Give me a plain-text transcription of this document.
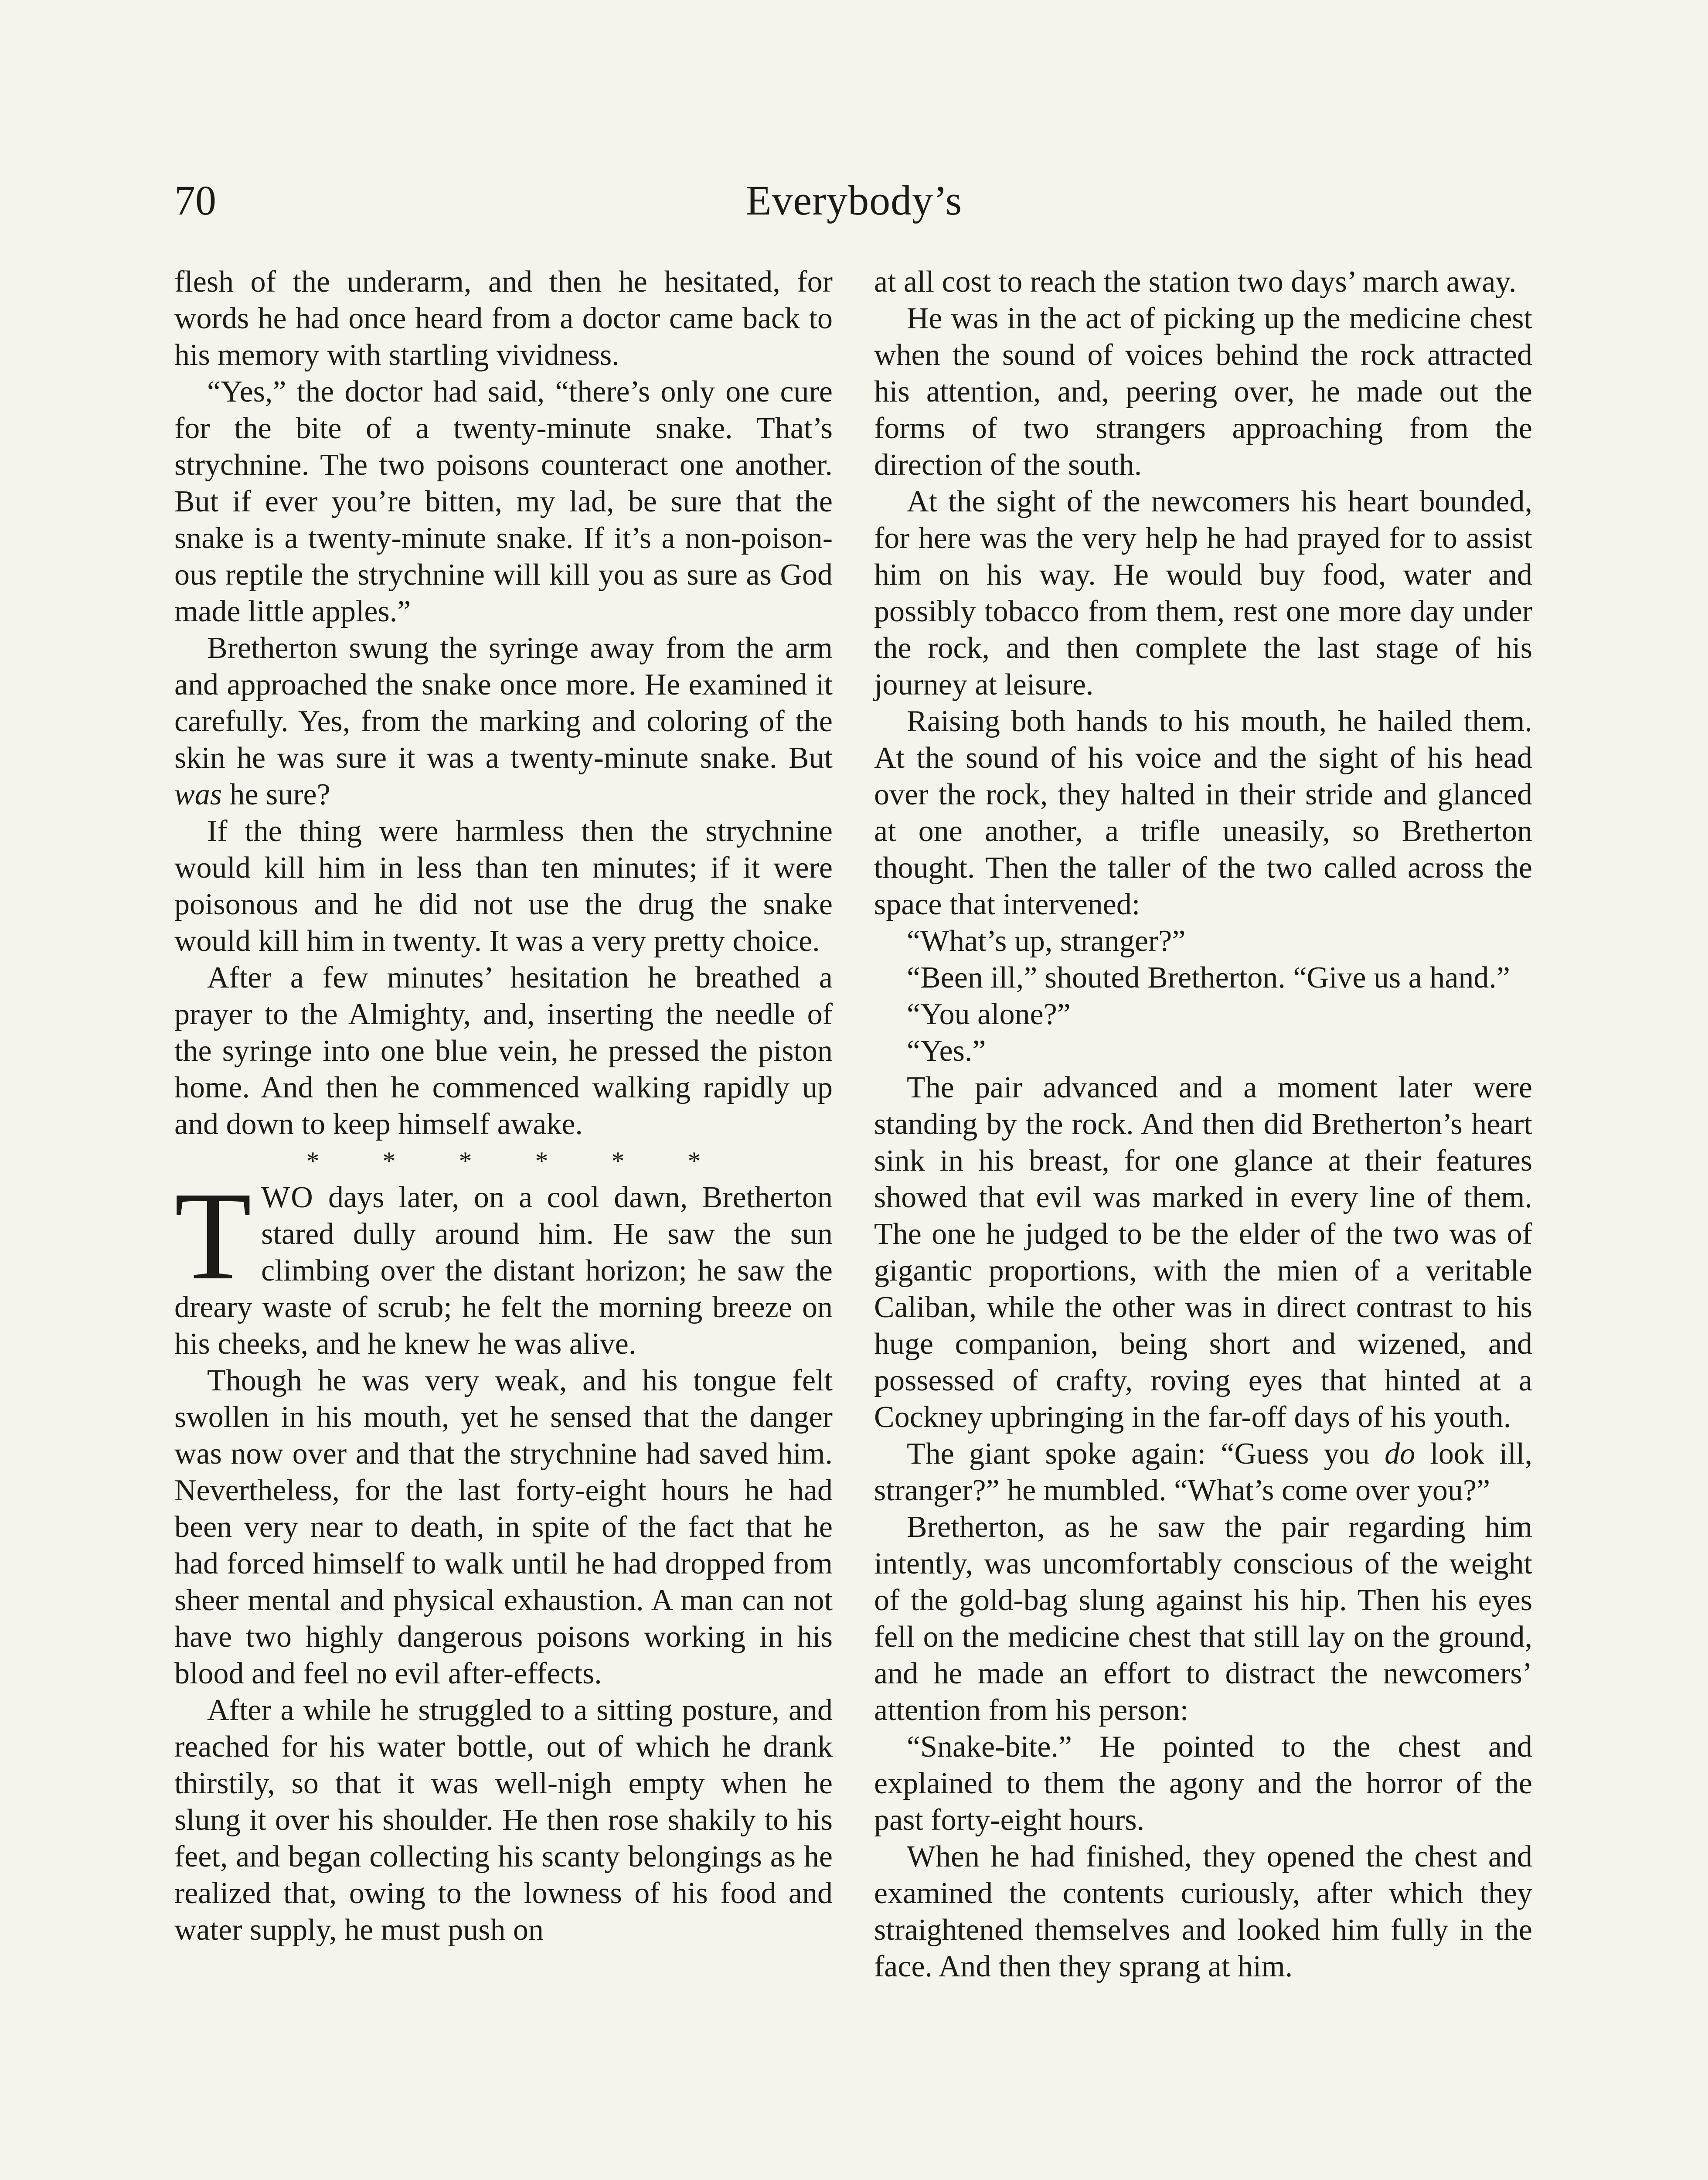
70	Everybody’s

flesh of the underarm, and then he hesitated, for words he had once heard from a doctor came back to his memory with startling vividness.

“Yes,” the doctor had said, “there’s only one cure for the bite of a twenty-minute snake. That’s strychnine. The two poisons counteract one another. But if ever you’re bitten, my lad, be sure that the snake is a twenty-minute snake. If it’s a non-poisonous reptile the strychnine will kill you as sure as God made little apples.”

Bretherton swung the syringe away from the arm and approached the snake once more. He examined it carefully. Yes, from the marking and coloring of the skin he was sure it was a twenty-minute snake. But was he sure?

If the thing were harmless then the strychnine would kill him in less than ten minutes; if it were poisonous and he did not use the drug the snake would kill him in twenty. It was a very pretty choice.

After a few minutes’ hesitation he breathed a prayer to the Almighty, and, inserting the needle of the syringe into one blue vein, he pressed the piston home. And then he commenced walking rapidly up and down to keep himself awake.

* * * * * *

TWO days later, on a cool dawn, Bretherton stared dully around him. He saw the sun climbing over the distant horizon; he saw the dreary waste of scrub; he felt the morning breeze on his cheeks, and he knew he was alive.

Though he was very weak, and his tongue felt swollen in his mouth, yet he sensed that the danger was now over and that the strychnine had saved him. Nevertheless, for the last forty-eight hours he had been very near to death, in spite of the fact that he had forced himself to walk until he had dropped from sheer mental and physical exhaustion. A man can not have two highly dangerous poisons working in his blood and feel no evil after-effects.

After a while he struggled to a sitting posture, and reached for his water bottle, out of which he drank thirstily, so that it was well-nigh empty when he slung it over his shoulder. He then rose shakily to his feet, and began collecting his scanty belongings as he realized that, owing to the lowness of his food and water supply, he must push on

at all cost to reach the station two days’ march away.

He was in the act of picking up the medicine chest when the sound of voices behind the rock attracted his attention, and, peering over, he made out the forms of two strangers approaching from the direction of the south.

At the sight of the newcomers his heart bounded, for here was the very help he had prayed for to assist him on his way. He would buy food, water and possibly tobacco from them, rest one more day under the rock, and then complete the last stage of his journey at leisure.

Raising both hands to his mouth, he hailed them. At the sound of his voice and the sight of his head over the rock, they halted in their stride and glanced at one another, a trifle uneasily, so Bretherton thought. Then the taller of the two called across the space that intervened:

“What’s up, stranger?”

“Been ill,” shouted Bretherton. “Give us a hand.”

“You alone?”

“Yes.”

The pair advanced and a moment later were standing by the rock. And then did Bretherton’s heart sink in his breast, for one glance at their features showed that evil was marked in every line of them. The one he judged to be the elder of the two was of gigantic proportions, with the mien of a veritable Caliban, while the other was in direct contrast to his huge companion, being short and wizened, and possessed of crafty, roving eyes that hinted at a Cockney upbringing in the far-off days of his youth.

The giant spoke again: “Guess you do look ill, stranger?” he mumbled. “What’s come over you?”

Bretherton, as he saw the pair regarding him intently, was uncomfortably conscious of the weight of the gold-bag slung against his hip. Then his eyes fell on the medicine chest that still lay on the ground, and he made an effort to distract the newcomers’ attention from his person:

“Snake-bite.” He pointed to the chest and explained to them the agony and the horror of the past forty-eight hours.

When he had finished, they opened the chest and examined the contents curiously, after which they straightened themselves and looked him fully in the face. And then they sprang at him.
